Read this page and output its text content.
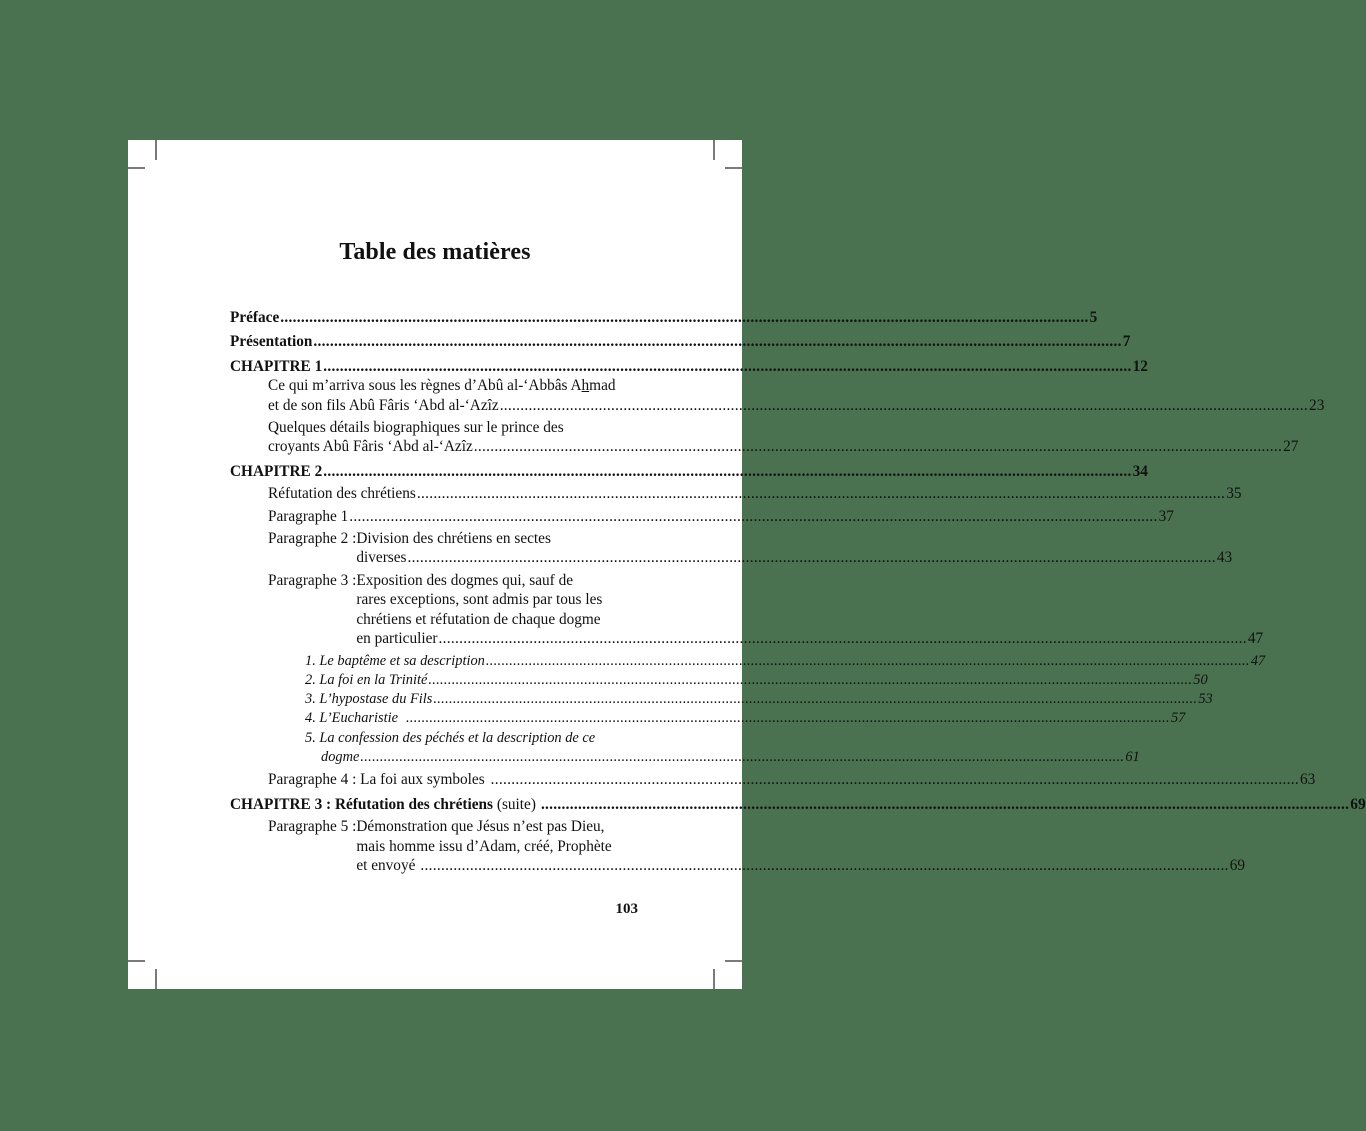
Table des matières
Préface .....	5
Présentation .....	7
CHAPITRE 1 .....	12
Ce qui m’arriva sous les règnes d’Abû al-‘Abbâs Ahmad
et de son fils Abû Fâris ‘Abd al-‘Azîz .....	23
Quelques détails biographiques sur le prince des
croyants Abû Fâris ‘Abd al-‘Azîz .....	27
CHAPITRE 2 .....	34
Réfutation des chrétiens .....	35
Paragraphe 1 .....	37
Paragraphe 2 : Division des chrétiens en sectes
diverses .....	43
Paragraphe 3 : Exposition des dogmes qui, sauf de
rares exceptions, sont admis par tous les
chrétiens et réfutation de chaque dogme
en particulier .....	47
1. Le baptême et sa description .....	47
2. La foi en la Trinité .....	50
3. L’hypostase du Fils .....	53
4. L’Eucharistie .....	57
5. La confession des péchés et la description de ce
dogme .....	61
Paragraphe 4 : La foi aux symboles .....	63
CHAPITRE 3 : Réfutation des chrétiens (suite) .....	69
Paragraphe 5 : Démonstration que Jésus n’est pas Dieu,
mais homme issu d’Adam, créé, Prophète
et envoyé .....	69
103
